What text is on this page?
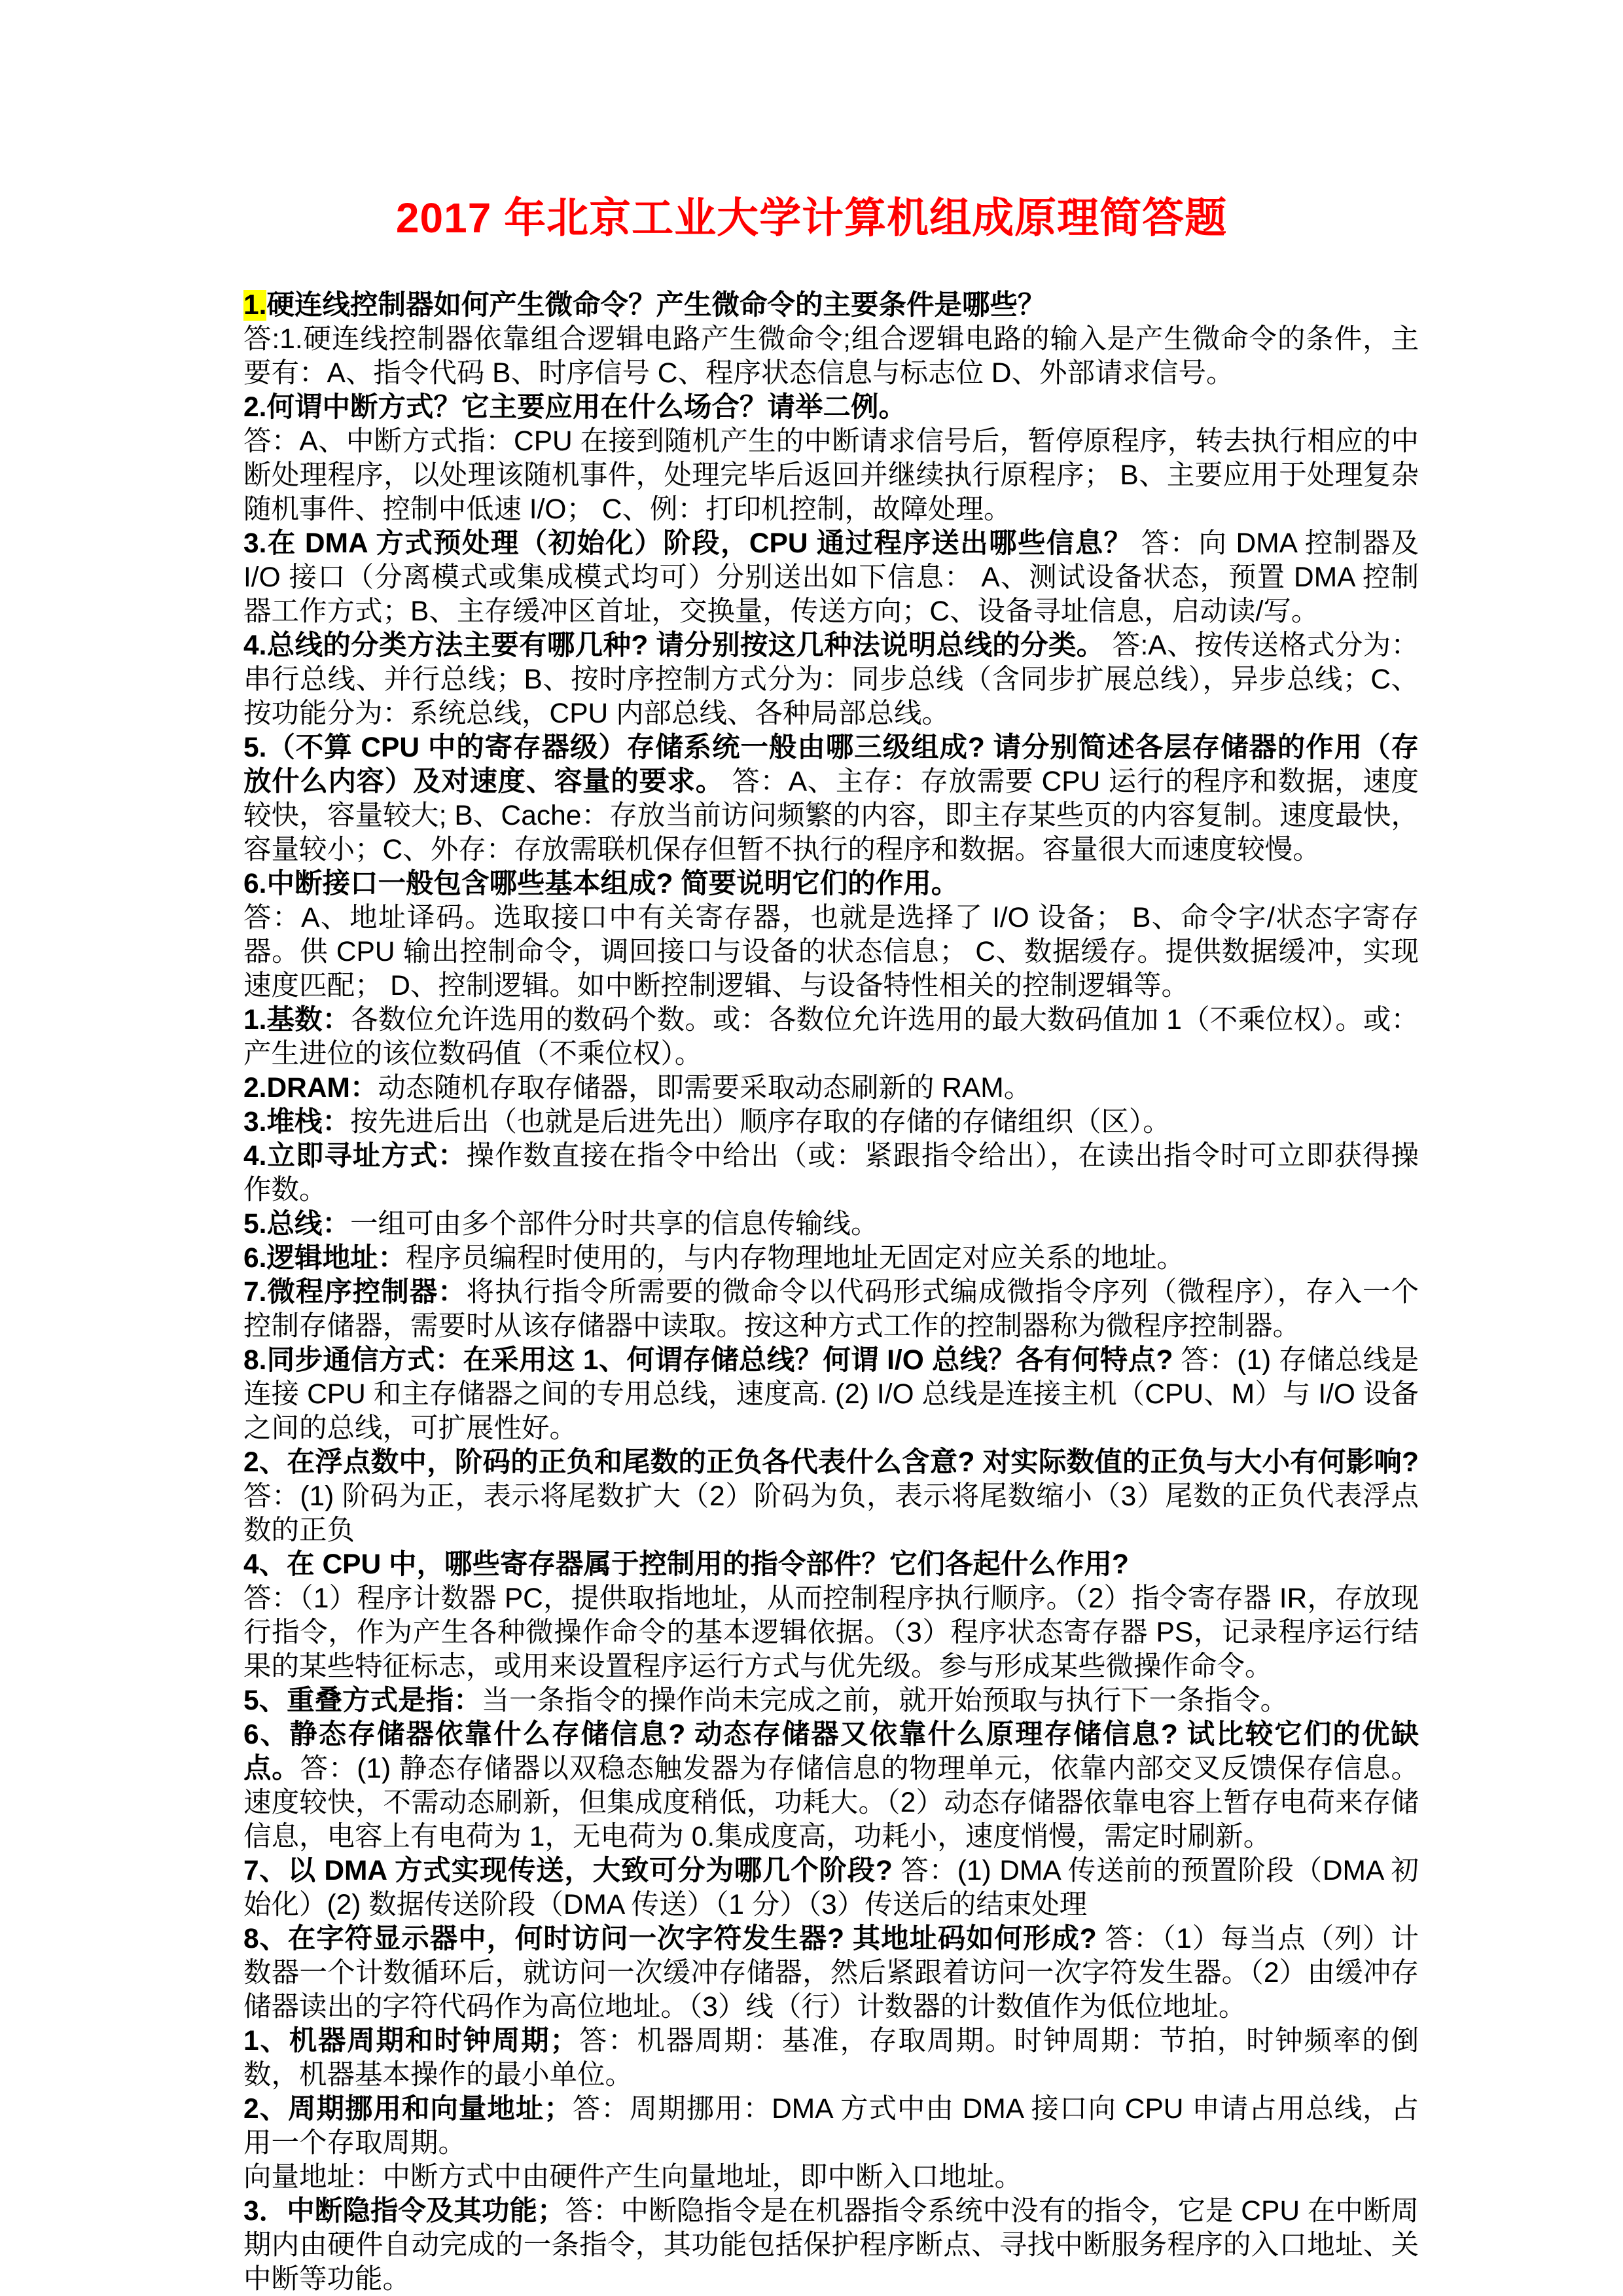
2017 年北京工业大学计算机组成原理简答题

1.硬连线控制器如何产生微命令？产生微命令的主要条件是哪些？

答:1.硬连线控制器依靠组合逻辑电路产生微命令;组合逻辑电路的输入是产生微命令的条件，主要有：A、指令代码 B、时序信号 C、程序状态信息与标志位 D、外部请求信号。

2.何谓中断方式？它主要应用在什么场合？请举二例。

答：A、中断方式指：CPU 在接到随机产生的中断请求信号后，暂停原程序，转去执行相应的中断处理程序，以处理该随机事件，处理完毕后返回并继续执行原程序； B、主要应用于处理复杂随机事件、控制中低速 I/O； C、例：打印机控制，故障处理。

3.在 DMA 方式预处理（初始化）阶段，CPU 通过程序送出哪些信息？ 答：向 DMA 控制器及 I/O 接口（分离模式或集成模式均可）分别送出如下信息： A、测试设备状态，预置 DMA 控制器工作方式；B、主存缓冲区首址，交换量，传送方向；C、设备寻址信息，启动读/写。

4.总线的分类方法主要有哪几种? 请分别按这几种法说明总线的分类。 答:A、按传送格式分为：串行总线、并行总线；B、按时序控制方式分为：同步总线（含同步扩展总线），异步总线；C、按功能分为：系统总线，CPU 内部总线、各种局部总线。

5.（不算 CPU 中的寄存器级）存储系统一般由哪三级组成? 请分别简述各层存储器的作用（存放什么内容）及对速度、容量的要求。 答：A、主存：存放需要 CPU 运行的程序和数据，速度较快，容量较大; B、Cache：存放当前访问频繁的内容，即主存某些页的内容复制。速度最快，容量较小；C、外存：存放需联机保存但暂不执行的程序和数据。容量很大而速度较慢。

6.中断接口一般包含哪些基本组成? 简要说明它们的作用。

答：A、地址译码。选取接口中有关寄存器，也就是选择了 I/O 设备； B、命令字/状态字寄存器。供 CPU 输出控制命令，调回接口与设备的状态信息； C、数据缓存。提供数据缓冲，实现速度匹配； D、控制逻辑。如中断控制逻辑、与设备特性相关的控制逻辑等。

1.基数：各数位允许选用的数码个数。或：各数位允许选用的最大数码值加 1（不乘位权）。或：产生进位的该位数码值（不乘位权）。

2.DRAM：动态随机存取存储器，即需要采取动态刷新的 RAM。

3.堆栈：按先进后出（也就是后进先出）顺序存取的存储的存储组织（区）。

4.立即寻址方式：操作数直接在指令中给出（或：紧跟指令给出），在读出指令时可立即获得操作数。

5.总线：一组可由多个部件分时共享的信息传输线。

6.逻辑地址：程序员编程时使用的，与内存物理地址无固定对应关系的地址。

7.微程序控制器：将执行指令所需要的微命令以代码形式编成微指令序列（微程序），存入一个控制存储器，需要时从该存储器中读取。按这种方式工作的控制器称为微程序控制器。

8.同步通信方式：在采用这 1、何谓存储总线？何谓 I/O 总线？各有何特点? 答：(1) 存储总线是连接 CPU 和主存储器之间的专用总线，速度高. (2) I/O 总线是连接主机（CPU、M）与 I/O 设备之间的总线，可扩展性好。

2、在浮点数中，阶码的正负和尾数的正负各代表什么含意? 对实际数值的正负与大小有何影响? 答：(1) 阶码为正，表示将尾数扩大（2）阶码为负，表示将尾数缩小（3）尾数的正负代表浮点数的正负

4、在 CPU 中，哪些寄存器属于控制用的指令部件？它们各起什么作用?

答：（1）程序计数器 PC，提供取指地址，从而控制程序执行顺序。（2）指令寄存器 IR，存放现行指令，作为产生各种微操作命令的基本逻辑依据。（3）程序状态寄存器 PS，记录程序运行结果的某些特征标志，或用来设置程序运行方式与优先级。参与形成某些微操作命令。

5、重叠方式是指：当一条指令的操作尚未完成之前，就开始预取与执行下一条指令。

6、静态存储器依靠什么存储信息? 动态存储器又依靠什么原理存储信息? 试比较它们的优缺点。答：(1) 静态存储器以双稳态触发器为存储信息的物理单元，依靠内部交叉反馈保存信息。速度较快，不需动态刷新，但集成度稍低，功耗大。（2）动态存储器依靠电容上暂存电荷来存储信息，电容上有电荷为 1，无电荷为 0.集成度高，功耗小，速度悄慢，需定时刷新。

7、以 DMA 方式实现传送，大致可分为哪几个阶段? 答：(1) DMA 传送前的预置阶段（DMA 初始化）(2) 数据传送阶段（DMA 传送）（1 分）（3）传送后的结束处理

8、在字符显示器中，何时访问一次字符发生器? 其地址码如何形成? 答：（1）每当点（列）计数器一个计数循环后，就访问一次缓冲存储器，然后紧跟着访问一次字符发生器。（2）由缓冲存储器读出的字符代码作为高位地址。（3）线（行）计数器的计数值作为低位地址。

1、机器周期和时钟周期；答：机器周期：基准，存取周期。时钟周期：节拍，时钟频率的倒数，机器基本操作的最小单位。

2、周期挪用和向量地址；答：周期挪用：DMA 方式中由 DMA 接口向 CPU 申请占用总线，占用一个存取周期。

向量地址：中断方式中由硬件产生向量地址，即中断入口地址。

3．中断隐指令及其功能；答：中断隐指令是在机器指令系统中没有的指令，它是 CPU 在中断周期内由硬件自动完成的一条指令，其功能包括保护程序断点、寻找中断服务程序的入口地址、关中断等功能。
